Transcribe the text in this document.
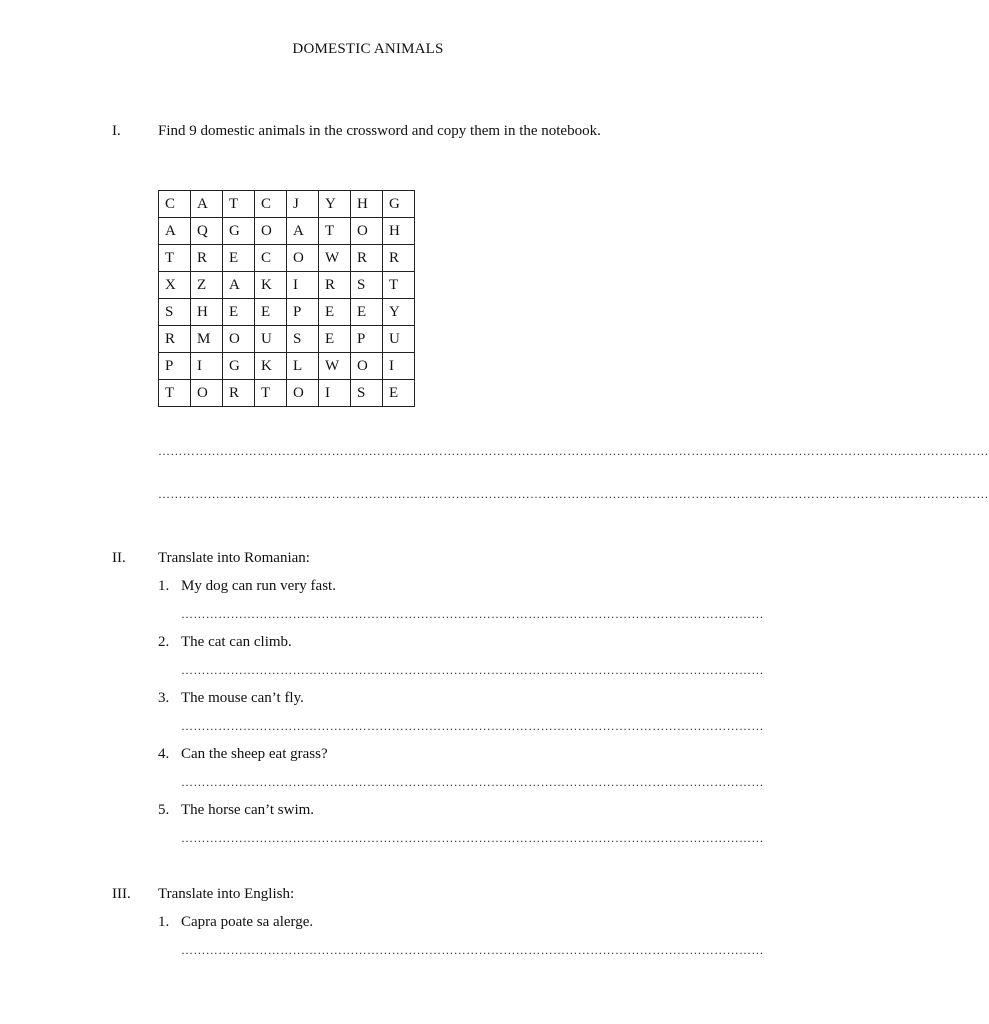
DOMESTIC ANIMALS
I. Find 9 domestic animals in the crossword and copy them in the notebook.
C	A	T	C	J	Y	H	G
A	Q	G	O	A	T	O	H
T	R	E	C	O	W	R	R
X	Z	A	K	I	R	S	T
S	H	E	E	P	E	E	Y
R	M	O	U	S	E	P	U
P	I	G	K	L	W	O	I
T	O	R	T	O	I	S	E
…………………………………………………………………………………………………………………………………………………………………………………
…………………………………………………………………………………………………………………………………………………………………………………
II. Translate into Romanian:
1. My dog can run very fast.
……………………………………………………………………………………………………………………………
2. The cat can climb.
……………………………………………………………………………………………………………………………
3. The mouse can’t fly.
……………………………………………………………………………………………………………………………
4. Can the sheep eat grass?
……………………………………………………………………………………………………………………………
5. The horse can’t swim.
……………………………………………………………………………………………………………………………
III. Translate into English:
1. Capra poate sa alerge.
……………………………………………………………………………………………………………………………
